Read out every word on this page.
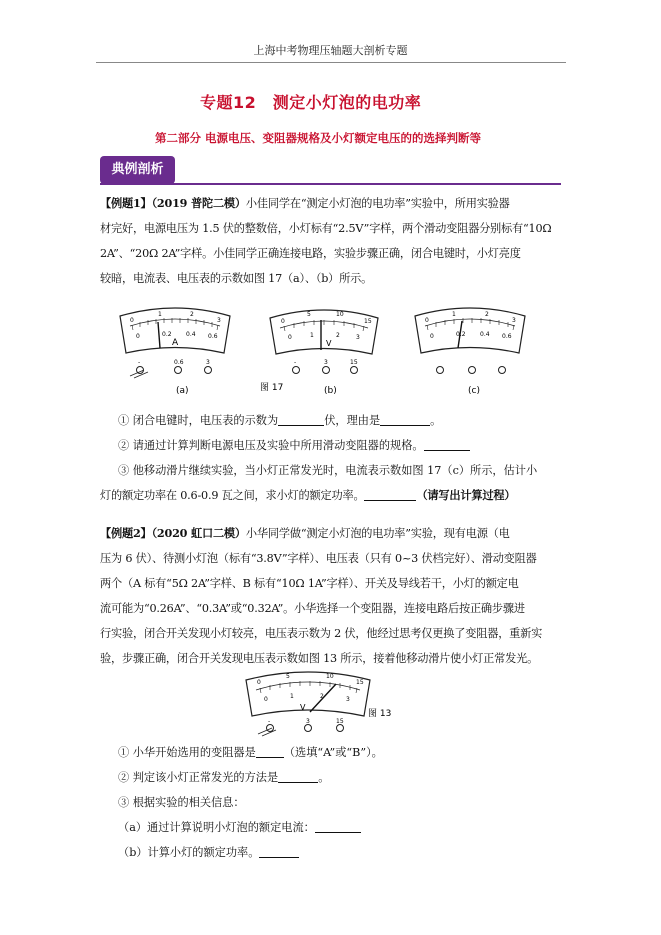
上海中考物理压轴题大剖析专题
专题12　测定小灯泡的电功率
第二部分 电源电压、变阻器规格及小灯额定电压的的选择判断等
典例剖析
【例题1】（2019 普陀二模）小佳同学在“测定小灯泡的电功率”实验中，所用实验器
材完好，电源电压为 1.5 伏的整数倍，小灯标有“2.5V”字样，两个滑动变阻器分别标有“10Ω
2A”、“20Ω 2A”字样。小佳同学正确连接电路，实验步骤正确，闭合电键时，小灯亮度
较暗，电流表、电压表的示数如图 17（a）、（b）所示。
0
1	2
3
0	0.2 0.4 0.6
A
-	0.6	3
0
5	10
15
0	1	2	3
V
-	3	15
0
1	2
3
0	0.2 0.4 0.6
(a)	图 17	(b)	(c)
① 闭合电键时，电压表的示数为	伏，理由是	。
② 请通过计算判断电源电压及实验中所用滑动变阻器的规格。
③ 他移动滑片继续实验，当小灯正常发光时，电流表示数如图 17（c）所示，估计小
灯的额定功率在 0.6-0.9 瓦之间，求小灯的额定功率。	（请写出计算过程）
【例题2】（2020 虹口二模）小华同学做“测定小灯泡的电功率”实验，现有电源（电
压为 6 伏）、待测小灯泡（标有“3.8V”字样）、电压表（只有 0~3 伏档完好）、滑动变阻器
两个（A 标有“5Ω 2A”字样、B 标有“10Ω 1A”字样）、开关及导线若干，小灯的额定电
流可能为“0.26A”、“0.3A”或“0.32A”。小华选择一个变阻器，连接电路后按正确步骤进
行实验，闭合开关发现小灯较亮，电压表示数为 2 伏，他经过思考仅更换了变阻器，重新实
验，步骤正确，闭合开关发现电压表示数如图 13 所示，接着他移动滑片使小灯正常发光。
0
5	10
15
0	1	2	3
V
-	3	15
图 13
① 小华开始选用的变阻器是	（选填“A”或“B”）。
② 判定该小灯正常发光的方法是	。
③ 根据实验的相关信息：
（a）通过计算说明小灯泡的额定电流：
（b）计算小灯的额定功率。
